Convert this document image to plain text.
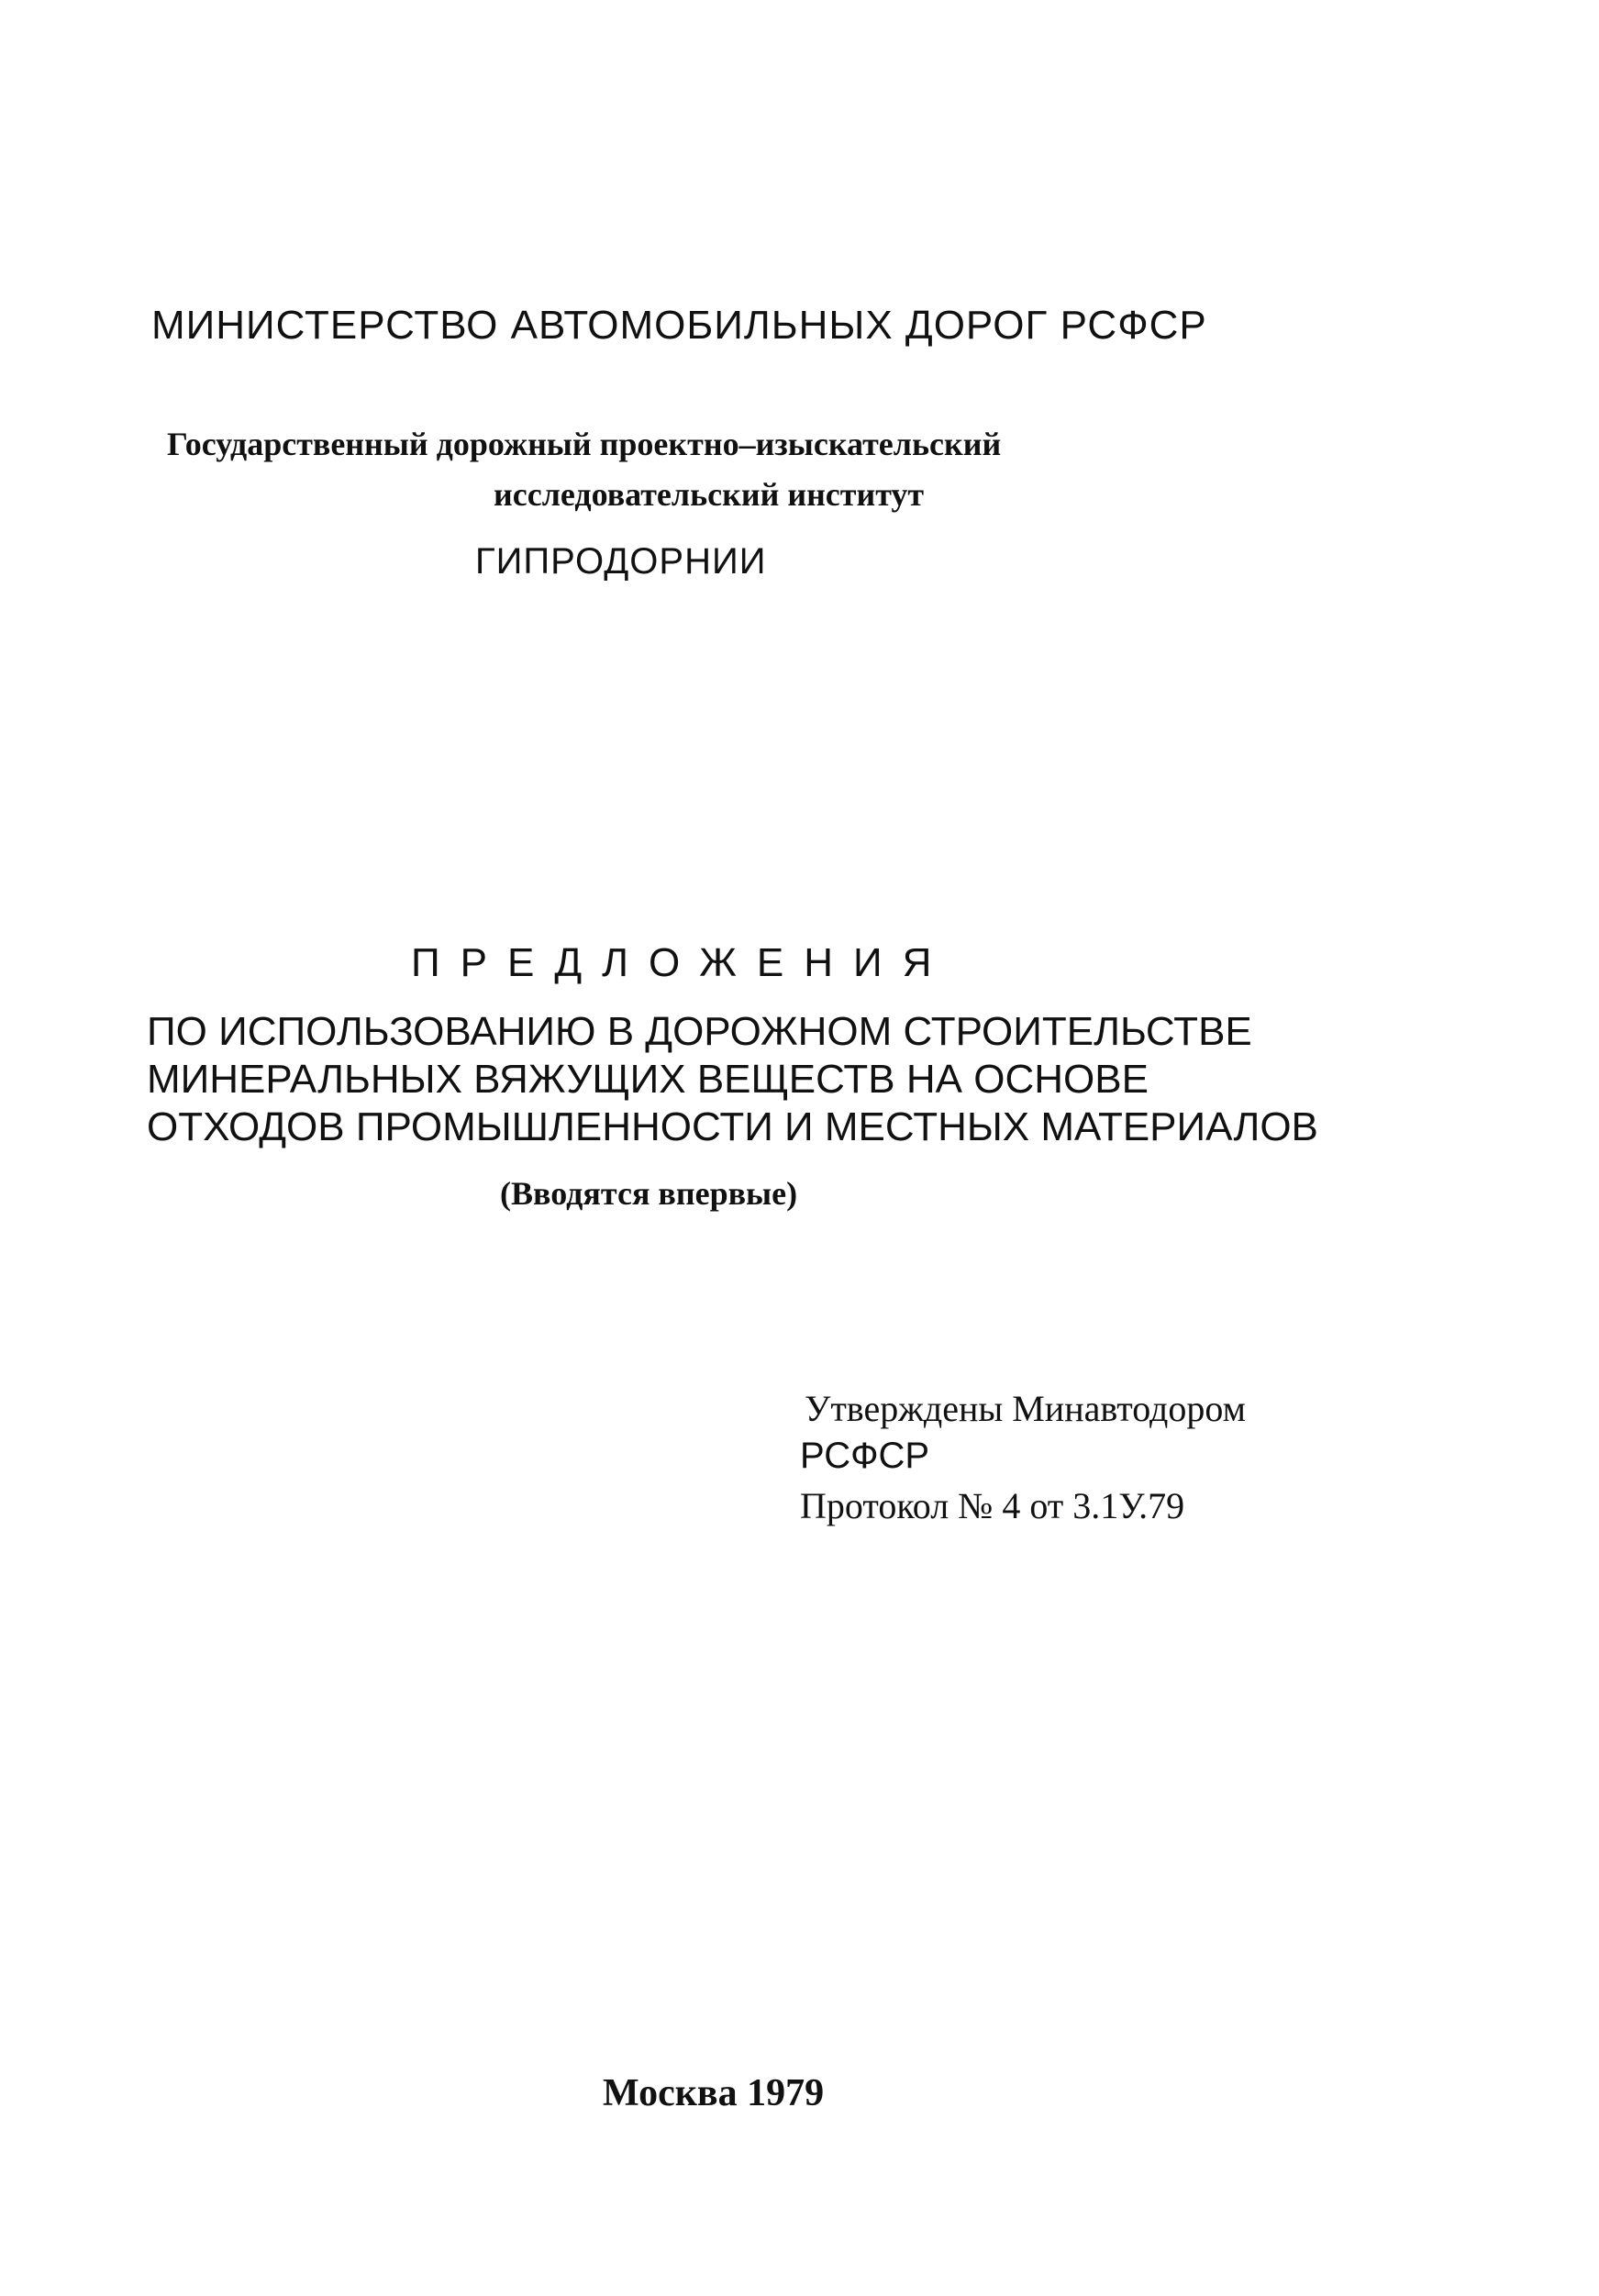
МИНИСТЕРСТВО АВТОМОБИЛЬНЫХ ДОРОГ РСФСР

Государственный дорожный проектно–изыскательский

исследовательский институт

ГИПРОДОРНИИ

ПРЕДЛОЖЕНИЯ

ПО ИСПОЛЬЗОВАНИЮ В ДОРОЖНОМ СТРОИТЕЛЬСТВЕ

МИНЕРАЛЬНЫХ ВЯЖУЩИХ ВЕЩЕСТВ НА ОСНОВЕ

ОТХОДОВ ПРОМЫШЛЕННОСТИ И МЕСТНЫХ МАТЕРИАЛОВ

(Вводятся впервые)

Утверждены Минавтодором

РСФСР

Протокол № 4 от 3.1У.79

Москва 1979
